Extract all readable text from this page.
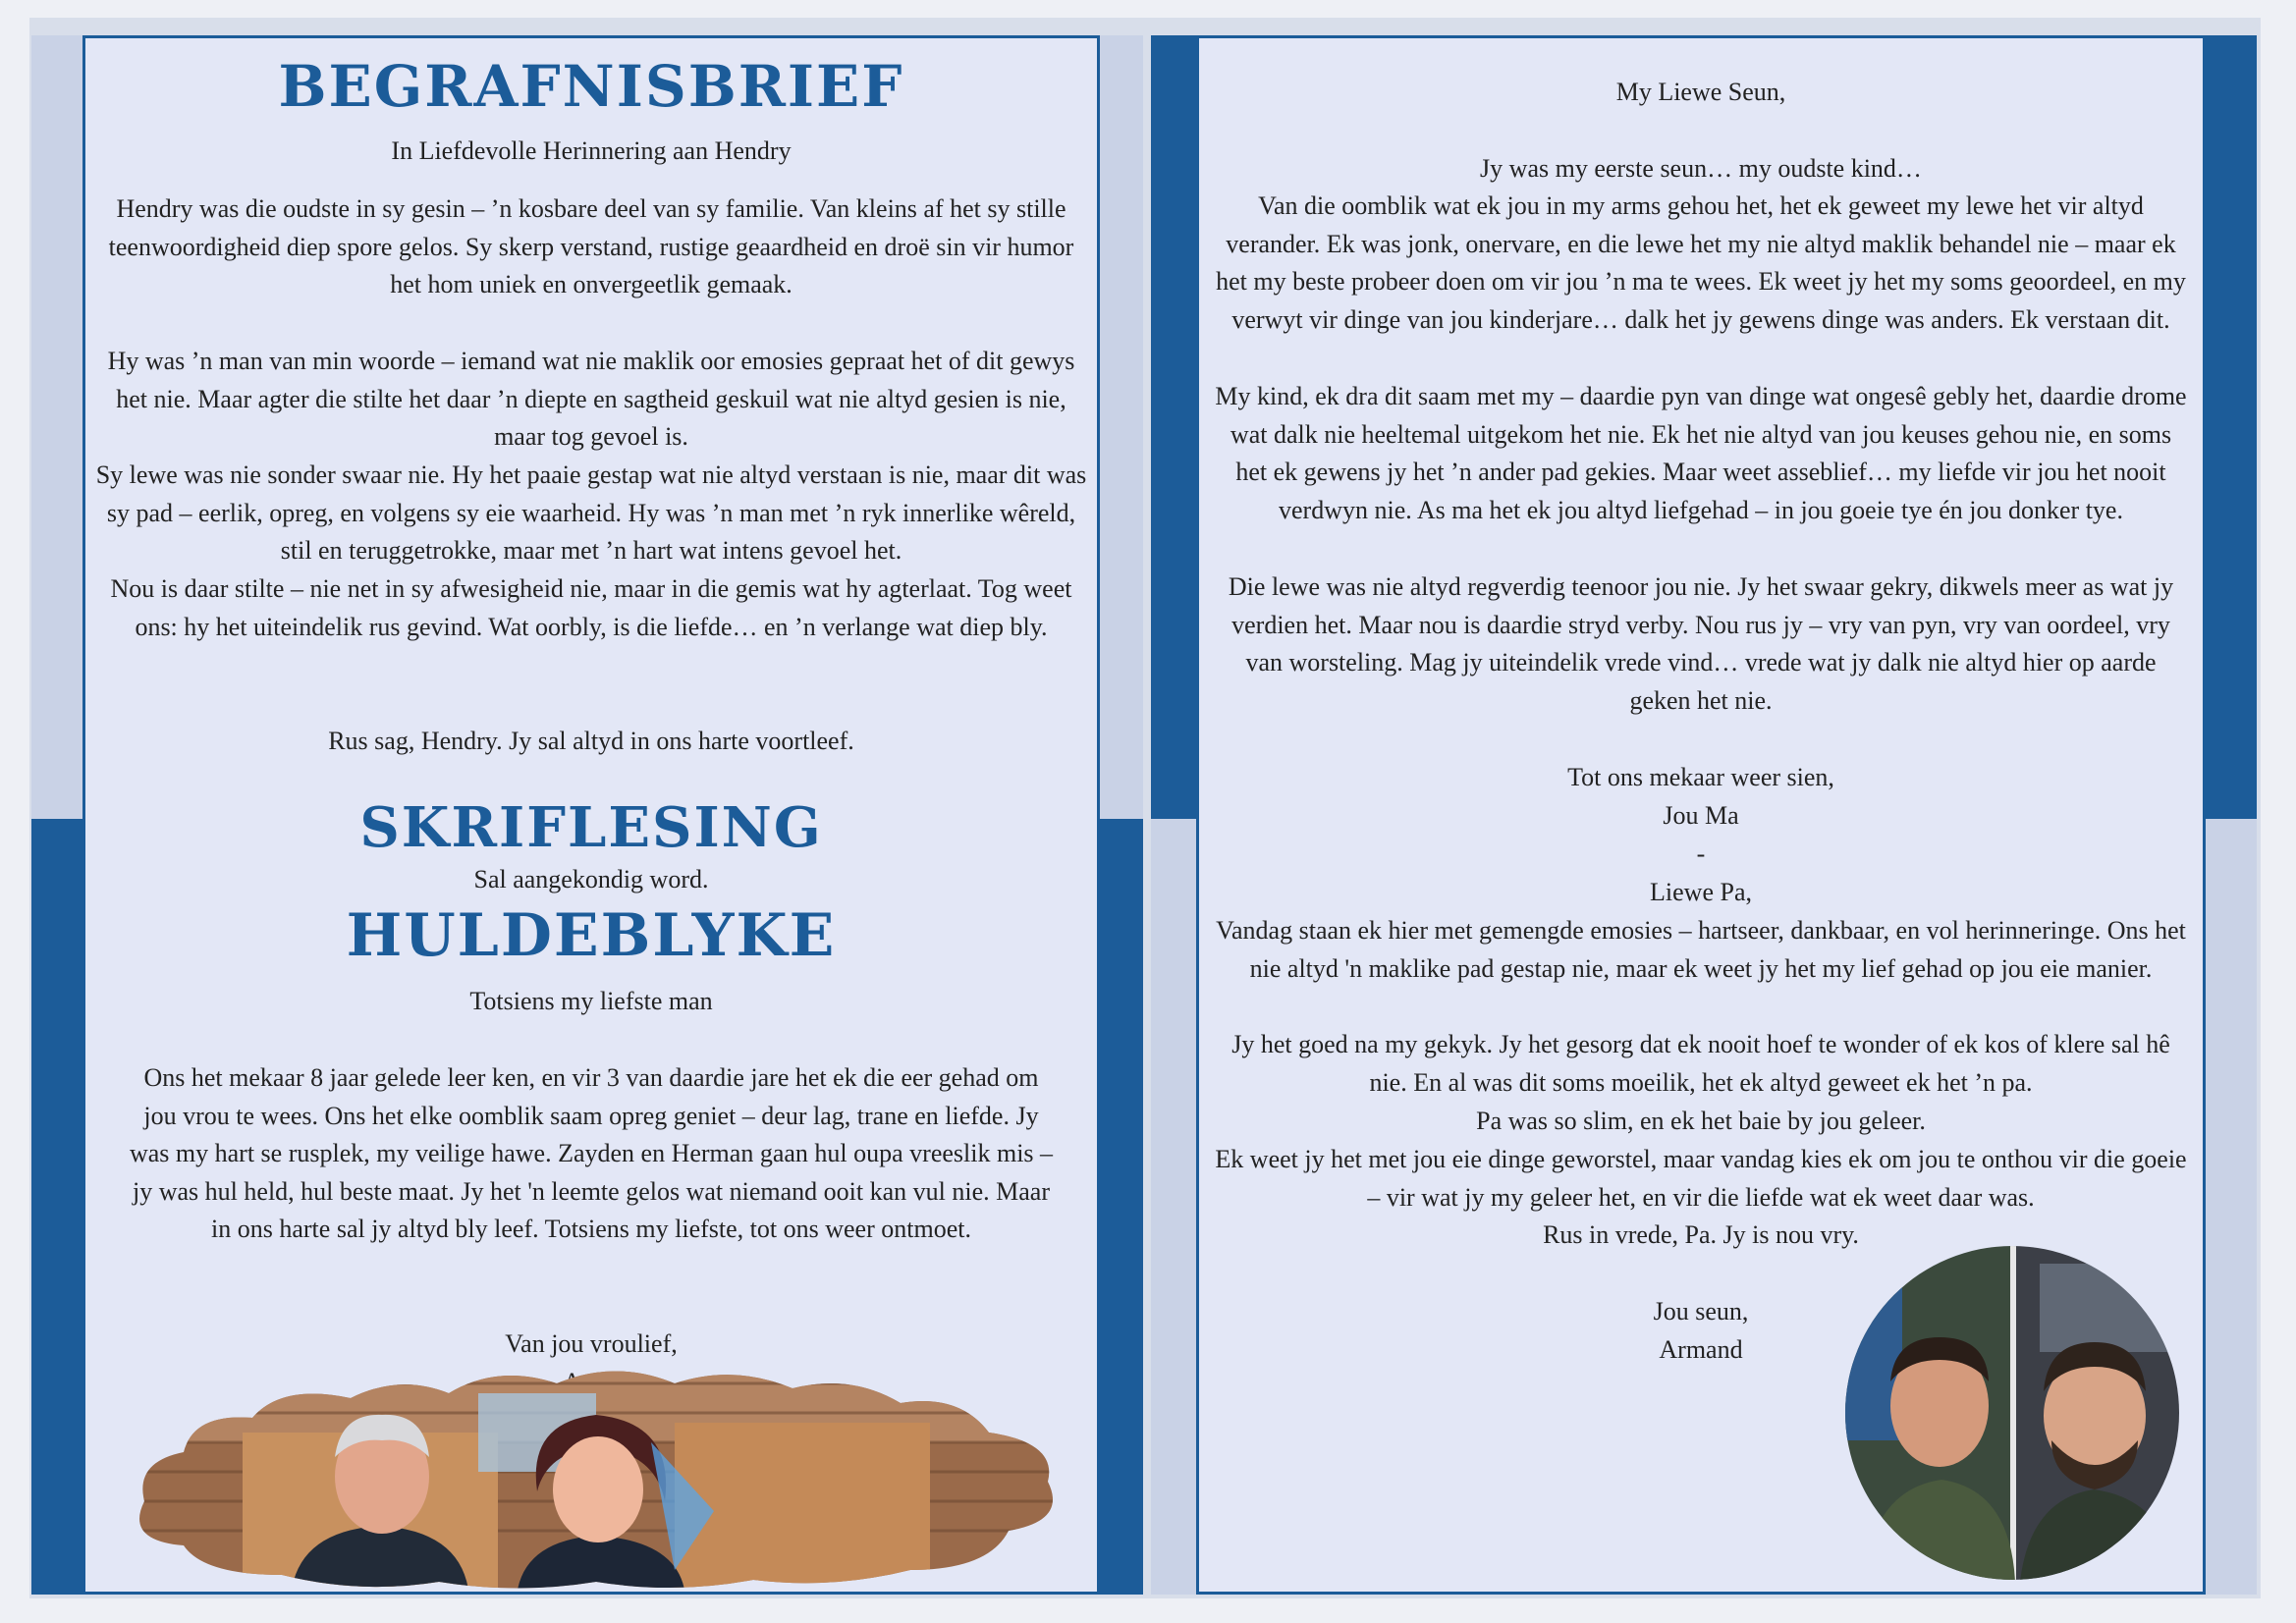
BEGRAFNISBRIEF
In Liefdevolle Herinnering aan Hendry

Hendry was die oudste in sy gesin – ’n kosbare deel van sy familie. Van kleins af het sy stille teenwoordigheid diep spore gelos. Sy skerp verstand, rustige geaardheid en droë sin vir humor het hom uniek en onvergeetlik gemaak.

Hy was ’n man van min woorde – iemand wat nie maklik oor emosies gepraat het of dit gewys het nie. Maar agter die stilte het daar ’n diepte en sagtheid geskuil wat nie altyd gesien is nie, maar tog gevoel is.

Sy lewe was nie sonder swaar nie. Hy het paaie gestap wat nie altyd verstaan is nie, maar dit was sy pad – eerlik, opreg, en volgens sy eie waarheid. Hy was ’n man met ’n ryk innerlike wêreld, stil en teruggetrokke, maar met ’n hart wat intens gevoel het.

Nou is daar stilte – nie net in sy afwesigheid nie, maar in die gemis wat hy agterlaat. Tog weet ons: hy het uiteindelik rus gevind. Wat oorbly, is die liefde… en ’n verlange wat diep bly.

Rus sag, Hendry. Jy sal altyd in ons harte voortleef.

SKRIFLESING
Sal aangekondig word.
HULDEBLYKE
Totsiens my liefste man

Ons het mekaar 8 jaar gelede leer ken, en vir 3 van daardie jare het ek die eer gehad om jou vrou te wees. Ons het elke oomblik saam opreg geniet – deur lag, trane en liefde. Jy was my hart se rusplek, my veilige hawe. Zayden en Herman gaan hul oupa vreeslik mis – jy was hul held, hul beste maat. Jy het 'n leemte gelos wat niemand ooit kan vul nie. Maar in ons harte sal jy altyd bly leef. Totsiens my liefste, tot ons weer ontmoet.

Van jou vroulief,
My Liewe Seun,

Jy was my eerste seun… my oudste kind…

Van die oomblik wat ek jou in my arms gehou het, het ek geweet my lewe het vir altyd verander. Ek was jonk, onervare, en die lewe het my nie altyd maklik behandel nie – maar ek het my beste probeer doen om vir jou ’n ma te wees. Ek weet jy het my soms geoordeel, en my verwyt vir dinge van jou kinderjare… dalk het jy gewens dinge was anders. Ek verstaan dit.

My kind, ek dra dit saam met my – daardie pyn van dinge wat ongesê gebly het, daardie drome wat dalk nie heeltemal uitgekom het nie. Ek het nie altyd van jou keuses gehou nie, en soms het ek gewens jy het ’n ander pad gekies. Maar weet asseblief… my liefde vir jou het nooit verdwyn nie. As ma het ek jou altyd liefgehad – in jou goeie tye én jou donker tye.

Die lewe was nie altyd regverdig teenoor jou nie. Jy het swaar gekry, dikwels meer as wat jy verdien het. Maar nou is daardie stryd verby. Nou rus jy – vry van pyn, vry van oordeel, vry van worsteling. Mag jy uiteindelik vrede vind… vrede wat jy dalk nie altyd hier op aarde geken het nie.

Tot ons mekaar weer sien,
Jou Ma
-
Liewe Pa,

Vandag staan ek hier met gemengde emosies – hartseer, dankbaar, en vol herinneringe. Ons het nie altyd 'n maklike pad gestap nie, maar ek weet jy het my lief gehad op jou eie manier.

Jy het goed na my gekyk. Jy het gesorg dat ek nooit hoef te wonder of ek kos of klere sal hê nie. En al was dit soms moeilik, het ek altyd geweet ek het ’n pa.

Pa was so slim, en ek het baie by jou geleer.

Ek weet jy het met jou eie dinge geworstel, maar vandag kies ek om jou te onthou vir die goeie – vir wat jy my geleer het, en vir die liefde wat ek weet daar was.

Rus in vrede, Pa. Jy is nou vry.
Jou seun,
Armand
